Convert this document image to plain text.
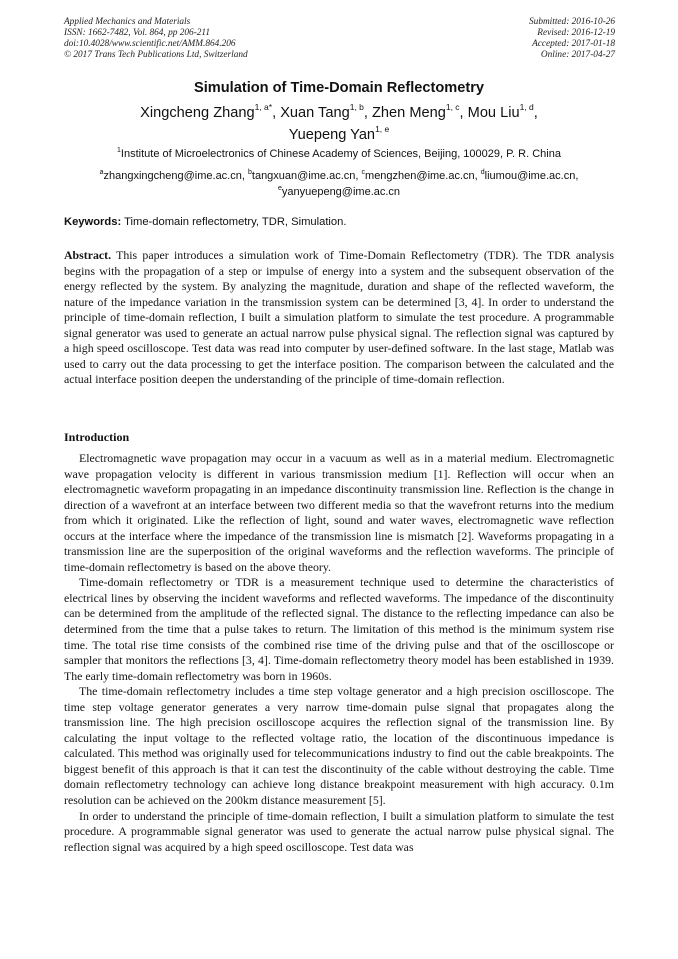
Applied Mechanics and Materials
ISSN: 1662-7482, Vol. 864, pp 206-211
doi:10.4028/www.scientific.net/AMM.864.206
© 2017 Trans Tech Publications Ltd, Switzerland
Submitted: 2016-10-26
Revised: 2016-12-19
Accepted: 2017-01-18
Online: 2017-04-27
Simulation of Time-Domain Reflectometry
Xingcheng Zhang$^{1, a*}$, Xuan Tang$^{1, b}$, Zhen Meng$^{1, c}$, Mou Liu$^{1, d}$,
Yuepeng Yan$^{1, e}$
$^1$Institute of Microelectronics of Chinese Academy of Sciences, Beijing, 100029, P. R. China
$^a$zhangxingcheng@ime.ac.cn, $^b$tangxuan@ime.ac.cn, $^c$mengzhen@ime.ac.cn, $^d$liumou@ime.ac.cn,
$^e$yanyuepeng@ime.ac.cn
Keywords: Time-domain reflectometry, TDR, Simulation.

Abstract. This paper introduces a simulation work of Time-Domain Reflectometry (TDR). The TDR analysis begins with the propagation of a step or impulse of energy into a system and the subsequent observation of the energy reflected by the system. By analyzing the magnitude, duration and shape of the reflected waveform, the nature of the impedance variation in the transmission system can be determined [3, 4]. In order to understand the principle of time-domain reflection, I built a simulation platform to simulate the test procedure. A programmable signal generator was used to generate an actual narrow pulse physical signal. The reflection signal was captured by a high speed oscilloscope. Test data was read into computer by user-defined software. In the last stage, Matlab was used to carry out the data processing to get the interface position. The comparison between the calculated and the actual interface position deepen the understanding of the principle of time-domain reflection.

Introduction

Electromagnetic wave propagation may occur in a vacuum as well as in a material medium. Electromagnetic wave propagation velocity is different in various transmission medium [1]. Reflection will occur when an electromagnetic waveform propagating in an impedance discontinuity transmission line. Reflection is the change in direction of a wavefront at an interface between two different media so that the wavefront returns into the medium from which it originated. Like the reflection of light, sound and water waves, electromagnetic wave reflection occurs at the interface where the impedance of the transmission line is mismatch [2]. Waveforms propagating in a transmission line are the superposition of the original waveforms and the reflection waveforms. The principle of time-domain reflectometry is based on the above theory.

Time-domain reflectometry or TDR is a measurement technique used to determine the characteristics of electrical lines by observing the incident waveforms and reflected waveforms. The impedance of the discontinuity can be determined from the amplitude of the reflected signal. The distance to the reflecting impedance can also be determined from the time that a pulse takes to return. The limitation of this method is the minimum system rise time. The total rise time consists of the combined rise time of the driving pulse and that of the oscilloscope or sampler that monitors the reflections [3, 4]. Time-domain reflectometry theory model has been established in 1939. The early time-domain reflectometry was born in 1960s.

The time-domain reflectometry includes a time step voltage generator and a high precision oscilloscope. The time step voltage generator generates a very narrow time-domain pulse signal that propagates along the transmission line. The high precision oscilloscope acquires the reflection signal of the transmission line. By calculating the input voltage to the reflected voltage ratio, the location of the discontinuous impedance is calculated. This method was originally used for telecommunications industry to find out the cable breakpoints. The biggest benefit of this approach is that it can test the discontinuity of the cable without destroying the cable. Time domain reflectometry technology can achieve long distance breakpoint measurement with high accuracy. 0.1m resolution can be achieved on the 200km distance measurement [5].

In order to understand the principle of time-domain reflection, I built a simulation platform to simulate the test procedure. A programmable signal generator was used to generate the actual narrow pulse physical signal. The reflection signal was acquired by a high speed oscilloscope. Test data was
